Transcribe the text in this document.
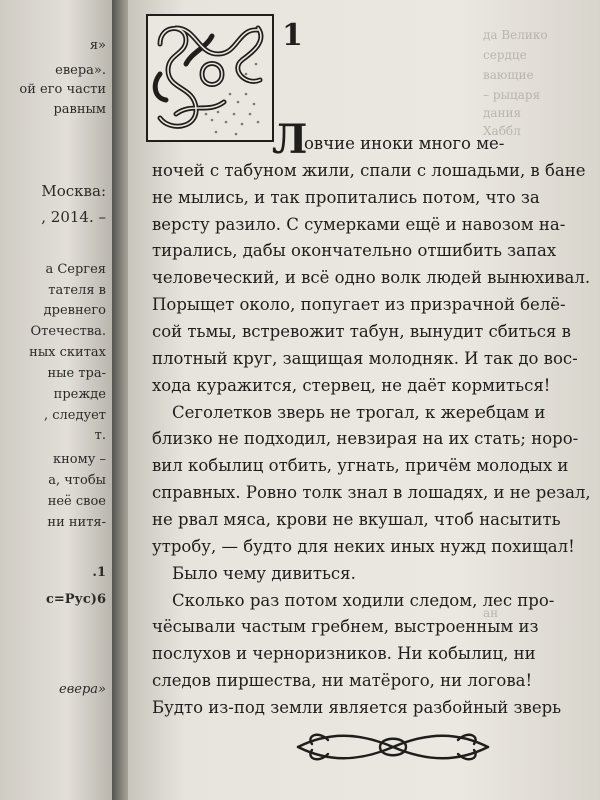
я»
евера».
ой его части
равным
Москва:
, 2014. –
а Сергея
тателя в
древнего
Отечества.
ных скитах
ные тра-
прежде
, следует
т.
кному –
а, чтобы
неё свое
ни нитя-
.1
с=Рус)6
евера»
да Велико
сердце
вающие
– рыцаря
дания
Хаббл
ан
1
Л
овчие иноки много ме-
ночей с табуном жили, спали с лошадьми, в бане
не мылись, и так пропитались потом, что за
версту разило. С сумерками ещё и навозом на-
тирались, дабы окончательно отшибить запах
человеческий, и всё одно волк людей вынюхивал.
Порыщет около, попугает из призрачной белё-
сой тьмы, встревожит табун, вынудит сбиться в
плотный круг, защищая молодняк. И так до вос-
хода куражится, стервец, не даёт кормиться!
Сеголетков зверь не трогал, к жеребцам и
близко не подходил, невзирая на их стать; норо-
вил кобылиц отбить, угнать, причём молодых и
справных. Ровно толк знал в лошадях, и не резал,
не рвал мяса, крови не вкушал, чтоб насытить
утробу, — будто для неких иных нужд похищал!
Было чему дивиться.
Сколько раз потом ходили следом, лес про-
чёсывали частым гребнем, выстроенным из
послухов и черноризников. Ни кобылиц, ни
следов пиршества, ни матёрого, ни логова!
Будто из-под земли является разбойный зверь
